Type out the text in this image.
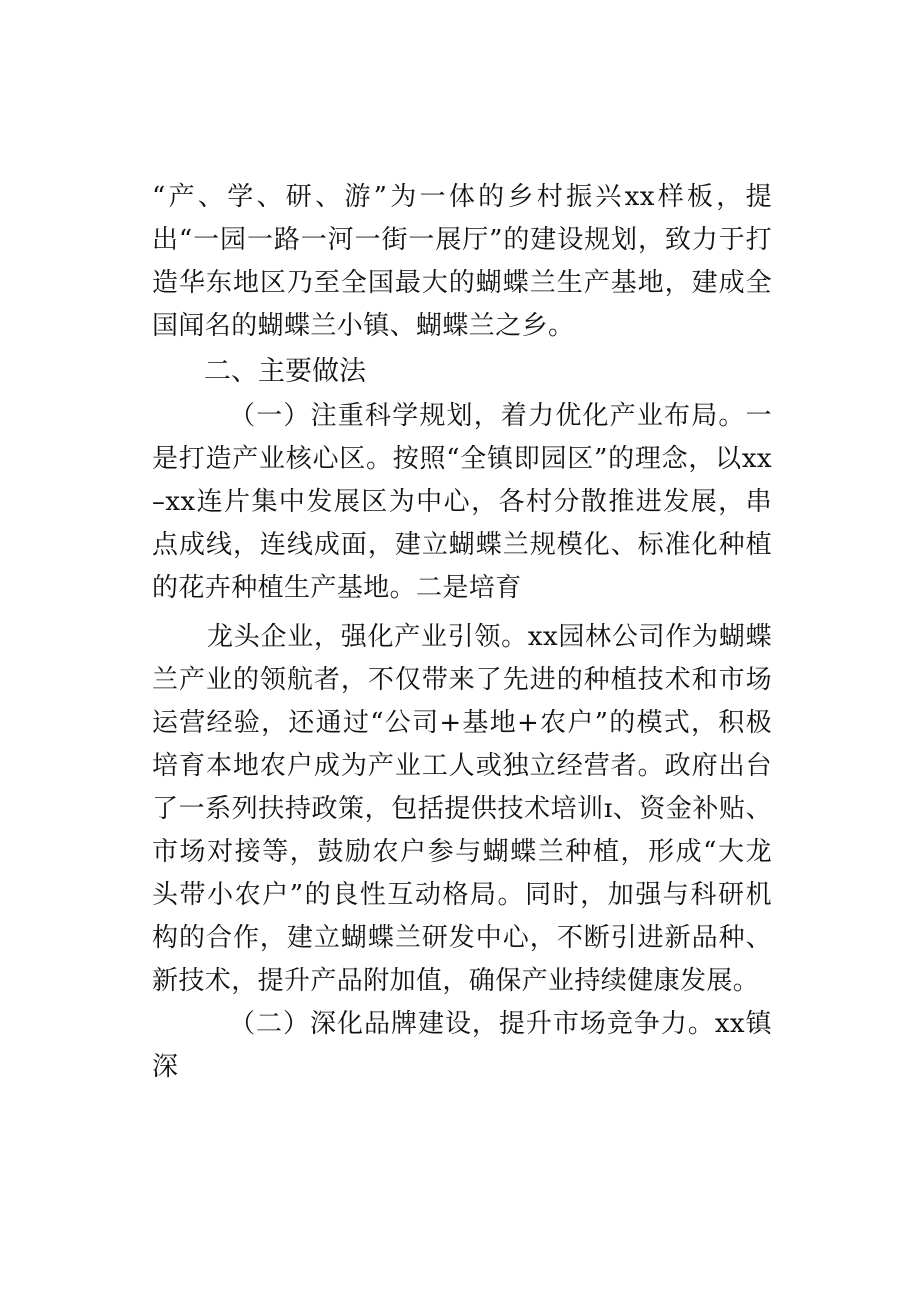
“产、学、研、游”为一体的乡村振兴xx样板，提出“一园一路一河一街一展厅”的建设规划，致力于打造华东地区乃至全国最大的蝴蝶兰生产基地，建成全国闻名的蝴蝶兰小镇、蝴蝶兰之乡。

二、主要做法

（一）注重科学规划，着力优化产业布局。一是打造产业核心区。按照“全镇即园区”的理念，以xx–xx连片集中发展区为中心，各村分散推进发展，串点成线，连线成面，建立蝴蝶兰规模化、标准化种植的花卉种植生产基地。二是培育

龙头企业，强化产业引领。xx园林公司作为蝴蝶兰产业的领航者，不仅带来了先进的种植技术和市场运营经验，还通过“公司+基地+农户”的模式，积极培育本地农户成为产业工人或独立经营者。政府出台了一系列扶持政策，包括提供技术培训ɪ、资金补贴、市场对接等，鼓励农户参与蝴蝶兰种植，形成“大龙头带小农户”的良性互动格局。同时，加强与科研机构的合作，建立蝴蝶兰研发中心，不断引进新品种、新技术，提升产品附加值，确保产业持续健康发展。

（二）深化品牌建设，提升市场竞争力。xx镇深
